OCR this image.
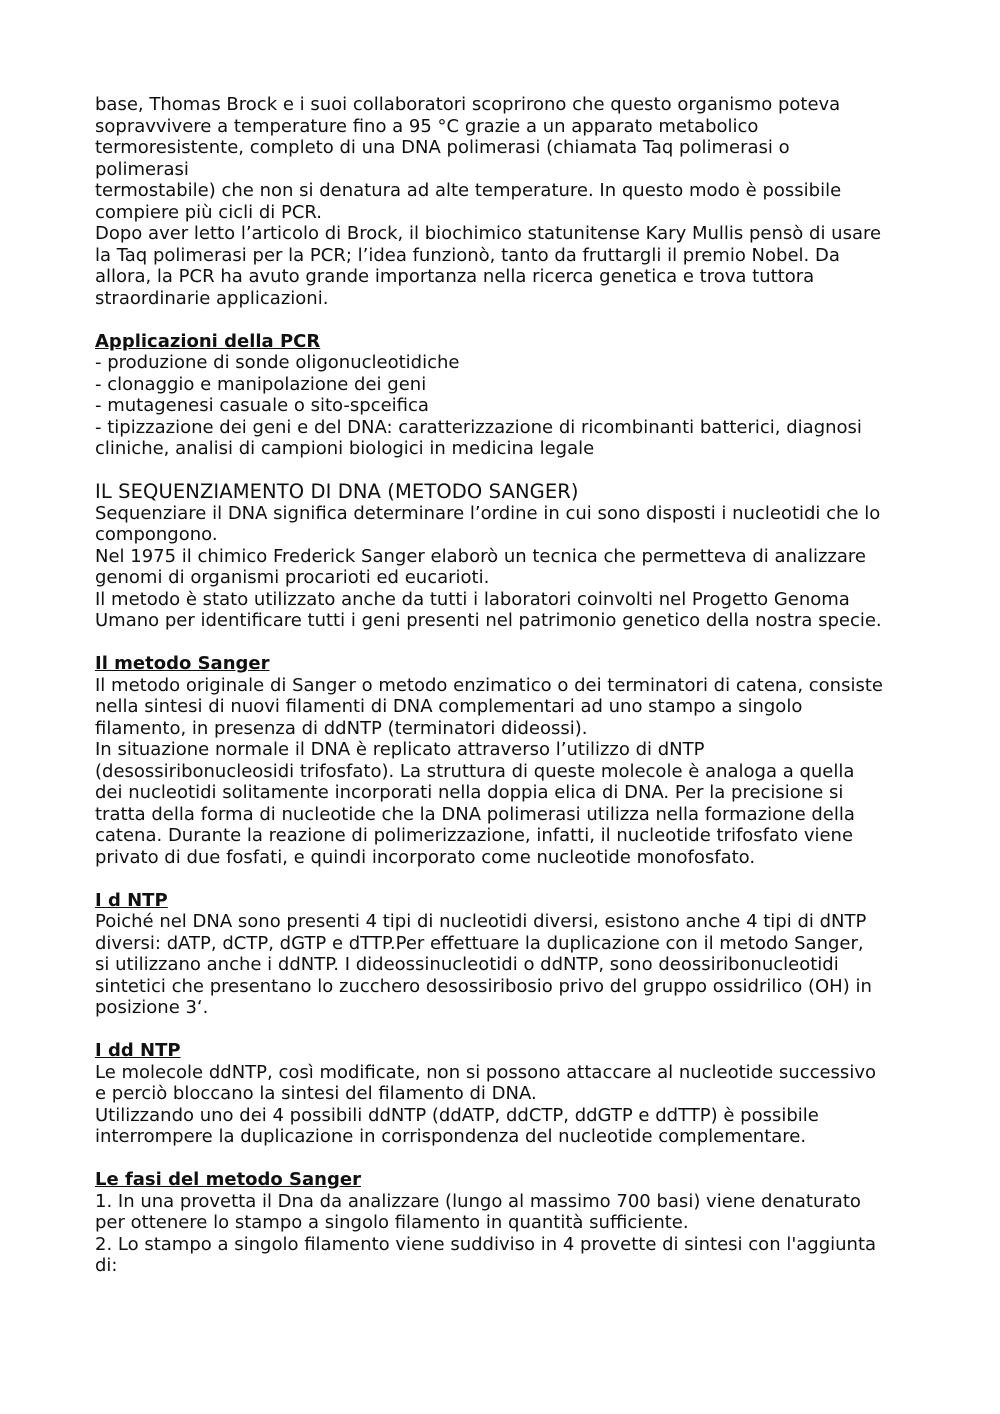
base, Thomas Brock e i suoi collaboratori scoprirono che questo organismo poteva
sopravvivere a temperature fino a 95 °C grazie a un apparato metabolico
termoresistente, completo di una DNA polimerasi (chiamata Taq polimerasi o
polimerasi
termostabile) che non si denatura ad alte temperature. In questo modo è possibile
compiere più cicli di PCR.
Dopo aver letto l’articolo di Brock, il biochimico statunitense Kary Mullis pensò di usare
la Taq polimerasi per la PCR; l’idea funzionò, tanto da fruttargli il premio Nobel. Da
allora, la PCR ha avuto grande importanza nella ricerca genetica e trova tuttora
straordinarie applicazioni.
Applicazioni della PCR
- produzione di sonde oligonucleotidiche
- clonaggio e manipolazione dei geni
- mutagenesi casuale o sito-spceifica
- tipizzazione dei geni e del DNA: caratterizzazione di ricombinanti batterici, diagnosi
cliniche, analisi di campioni biologici in medicina legale
IL SEQUENZIAMENTO DI DNA (METODO SANGER)
Sequenziare il DNA significa determinare l’ordine in cui sono disposti i nucleotidi che lo
compongono.
Nel 1975 il chimico Frederick Sanger elaborò un tecnica che permetteva di analizzare
genomi di organismi procarioti ed eucarioti.
Il metodo è stato utilizzato anche da tutti i laboratori coinvolti nel Progetto Genoma
Umano per identificare tutti i geni presenti nel patrimonio genetico della nostra specie.
Il metodo Sanger
Il metodo originale di Sanger o metodo enzimatico o dei terminatori di catena, consiste
nella sintesi di nuovi filamenti di DNA complementari ad uno stampo a singolo
filamento, in presenza di ddNTP (terminatori dideossi).
In situazione normale il DNA è replicato attraverso l’utilizzo di dNTP
(desossiribonucleosidi trifosfato). La struttura di queste molecole è analoga a quella
dei nucleotidi solitamente incorporati nella doppia elica di DNA. Per la precisione si
tratta della forma di nucleotide che la DNA polimerasi utilizza nella formazione della
catena. Durante la reazione di polimerizzazione, infatti, il nucleotide trifosfato viene
privato di due fosfati, e quindi incorporato come nucleotide monofosfato.
I d NTP
Poiché nel DNA sono presenti 4 tipi di nucleotidi diversi, esistono anche 4 tipi di dNTP
diversi: dATP, dCTP, dGTP e dTTP.Per effettuare la duplicazione con il metodo Sanger,
si utilizzano anche i ddNTP. I dideossinucleotidi o ddNTP, sono deossiribonucleotidi
sintetici che presentano lo zucchero desossiribosio privo del gruppo ossidrilico (OH) in
posizione 3‘.
I dd NTP
Le molecole ddNTP, così modificate, non si possono attaccare al nucleotide successivo
e perciò bloccano la sintesi del filamento di DNA.
Utilizzando uno dei 4 possibili ddNTP (ddATP, ddCTP, ddGTP e ddTTP) è possibile
interrompere la duplicazione in corrispondenza del nucleotide complementare.
Le fasi del metodo Sanger
1. In una provetta il Dna da analizzare (lungo al massimo 700 basi) viene denaturato
per ottenere lo stampo a singolo filamento in quantità sufficiente.
2. Lo stampo a singolo filamento viene suddiviso in 4 provette di sintesi con l'aggiunta
di:
